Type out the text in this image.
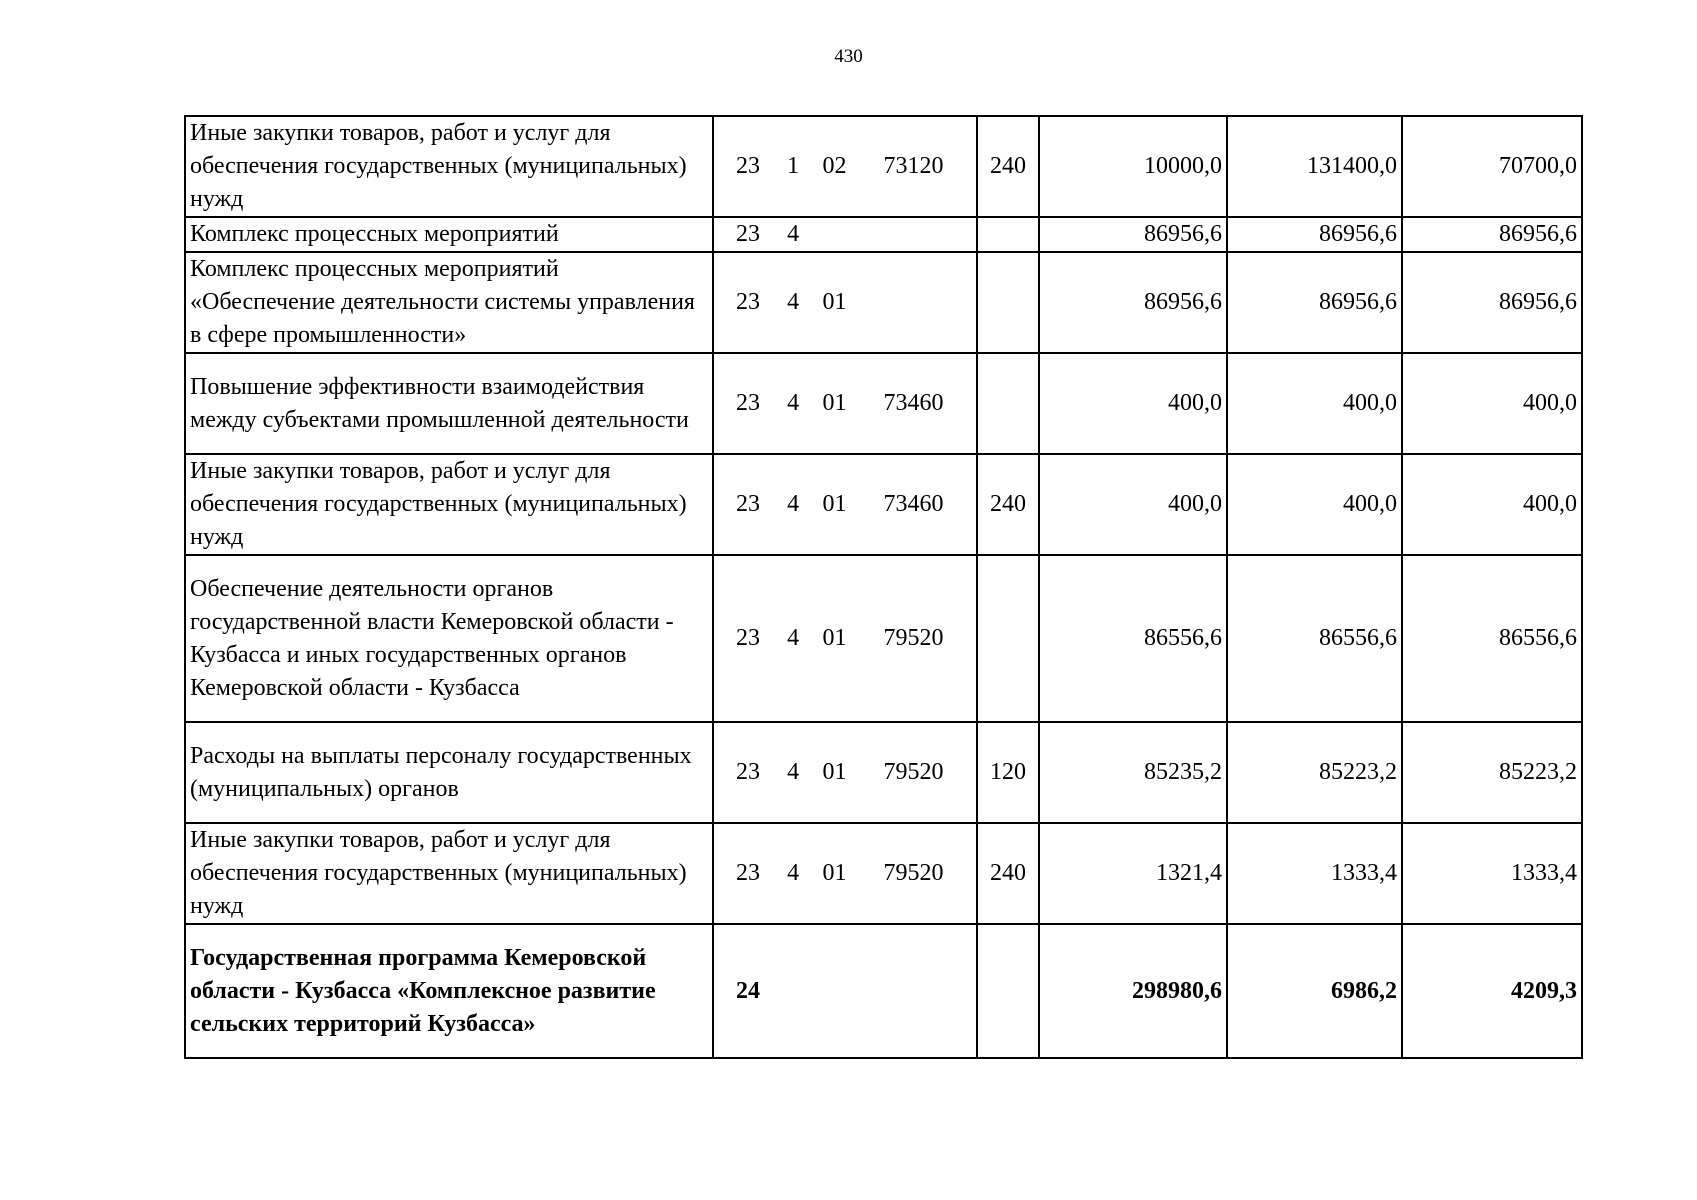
430
Иные закупки товаров, работ и услуг для обеспечения государственных (муниципальных) нужд	23 1 02 73120	240	10000,0	131400,0	70700,0
Комплекс процессных мероприятий	23 4		86956,6	86956,6	86956,6
Комплекс процессных мероприятий «Обеспечение деятельности системы управления в сфере промышленности»	23 4 01		86956,6	86956,6	86956,6
Повышение эффективности взаимодействия между субъектами промышленной деятельности	23 4 01 73460		400,0	400,0	400,0
Иные закупки товаров, работ и услуг для обеспечения государственных (муниципальных) нужд	23 4 01 73460	240	400,0	400,0	400,0
Обеспечение деятельности органов государственной власти Кемеровской области - Кузбасса и иных государственных органов Кемеровской области - Кузбасса	23 4 01 79520		86556,6	86556,6	86556,6
Расходы на выплаты персоналу государственных (муниципальных) органов	23 4 01 79520	120	85235,2	85223,2	85223,2
Иные закупки товаров, работ и услуг для обеспечения государственных (муниципальных) нужд	23 4 01 79520	240	1321,4	1333,4	1333,4
Государственная программа Кемеровской области - Кузбасса «Комплексное развитие сельских территорий Кузбасса»	24		298980,6	6986,2	4209,3
